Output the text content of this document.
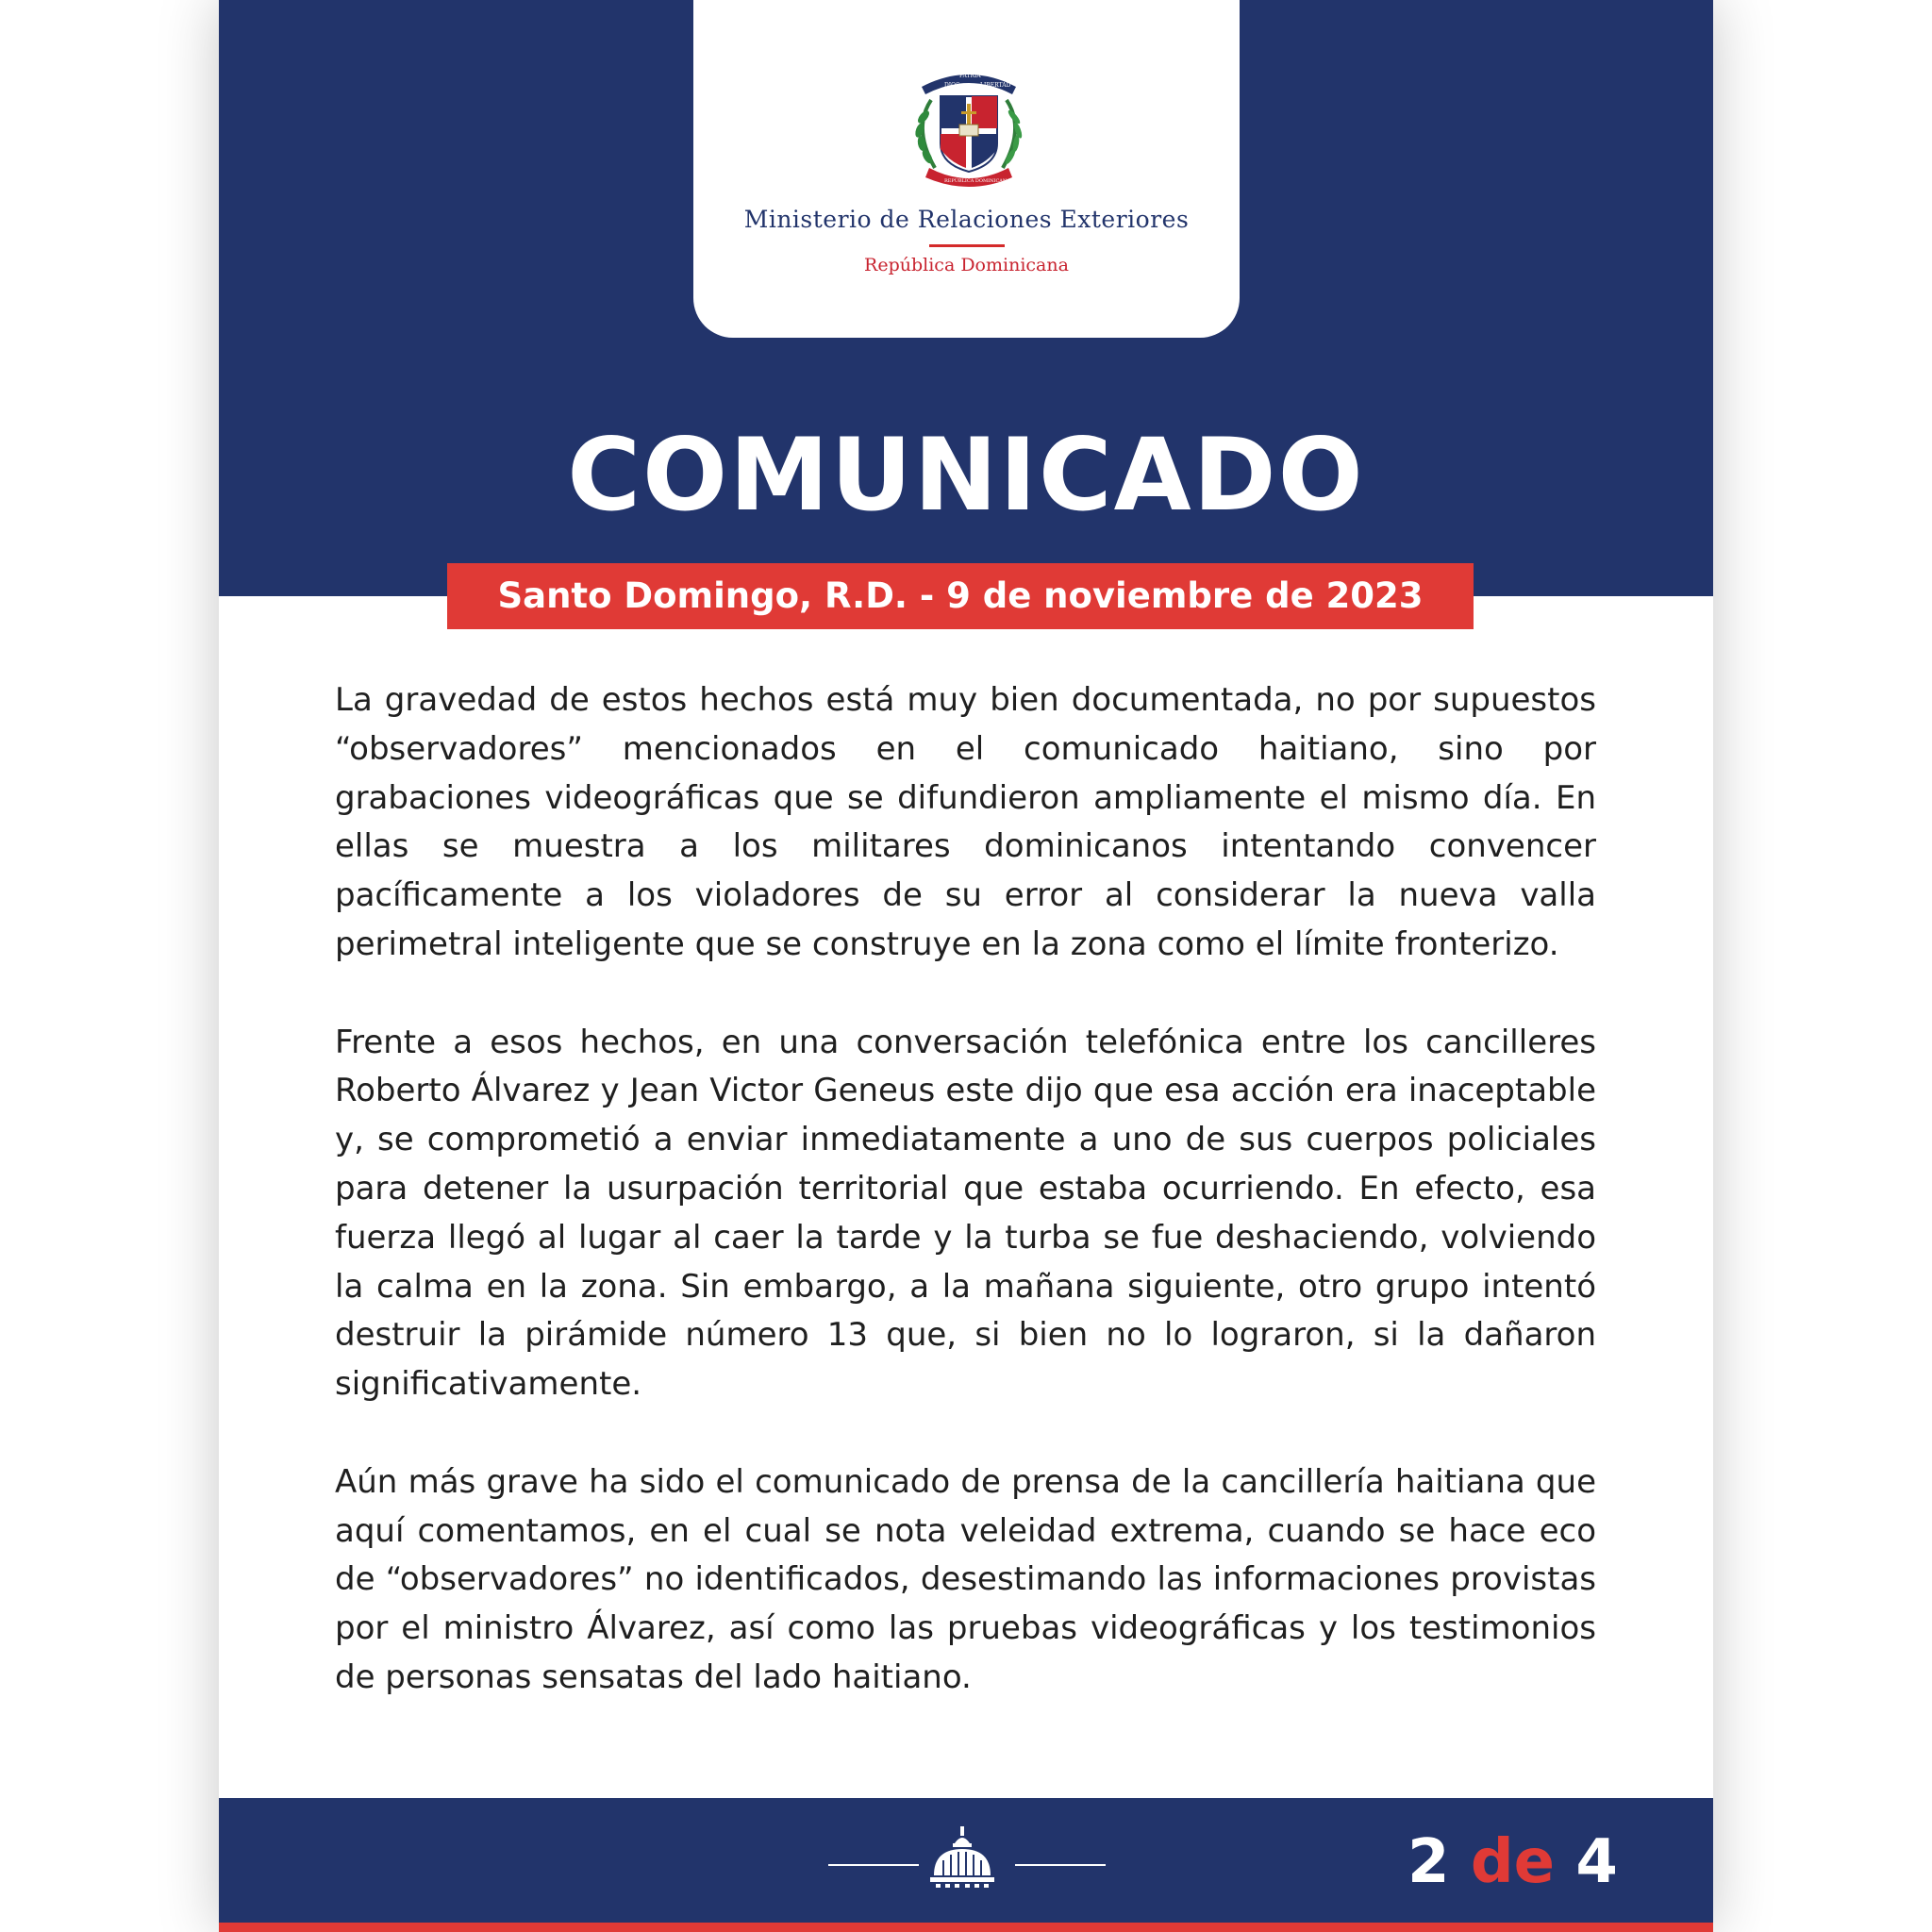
DIOS
PATRIA
LIBERTAD
REPÚBLICA DOMINICANA
Ministerio de Relaciones Exteriores
República Dominicana
COMUNICADO
Santo Domingo, R.D. - 9 de noviembre de 2023

La gravedad de estos hechos está muy bien documentada, no por supuestos “observadores” mencionados en el comunicado haitiano, sino por grabaciones videográficas que se difundieron ampliamente el mismo día. En ellas se muestra a los militares dominicanos intentando convencer pacíficamente a los violadores de su error al considerar la nueva valla perimetral inteligente que se construye en la zona como el límite fronterizo.

Frente a esos hechos, en una conversación telefónica entre los cancilleres Roberto Álvarez y Jean Victor Geneus este dijo que esa acción era inaceptable y, se comprometió a enviar inmediatamente a uno de sus cuerpos policiales para detener la usurpación territorial que estaba ocurriendo. En efecto, esa fuerza llegó al lugar al caer la tarde y la turba se fue deshaciendo, volviendo la calma en la zona. Sin embargo, a la mañana siguiente, otro grupo intentó destruir la pirámide número 13 que, si bien no lo lograron, si la dañaron significativamente.

Aún más grave ha sido el comunicado de prensa de la cancillería haitiana que aquí comentamos, en el cual se nota veleidad extrema, cuando se hace eco de “observadores” no identificados, desestimando las informaciones provistas por el ministro Álvarez, así como las pruebas videográficas y los testimonios de personas sensatas del lado haitiano.

2 de 4
